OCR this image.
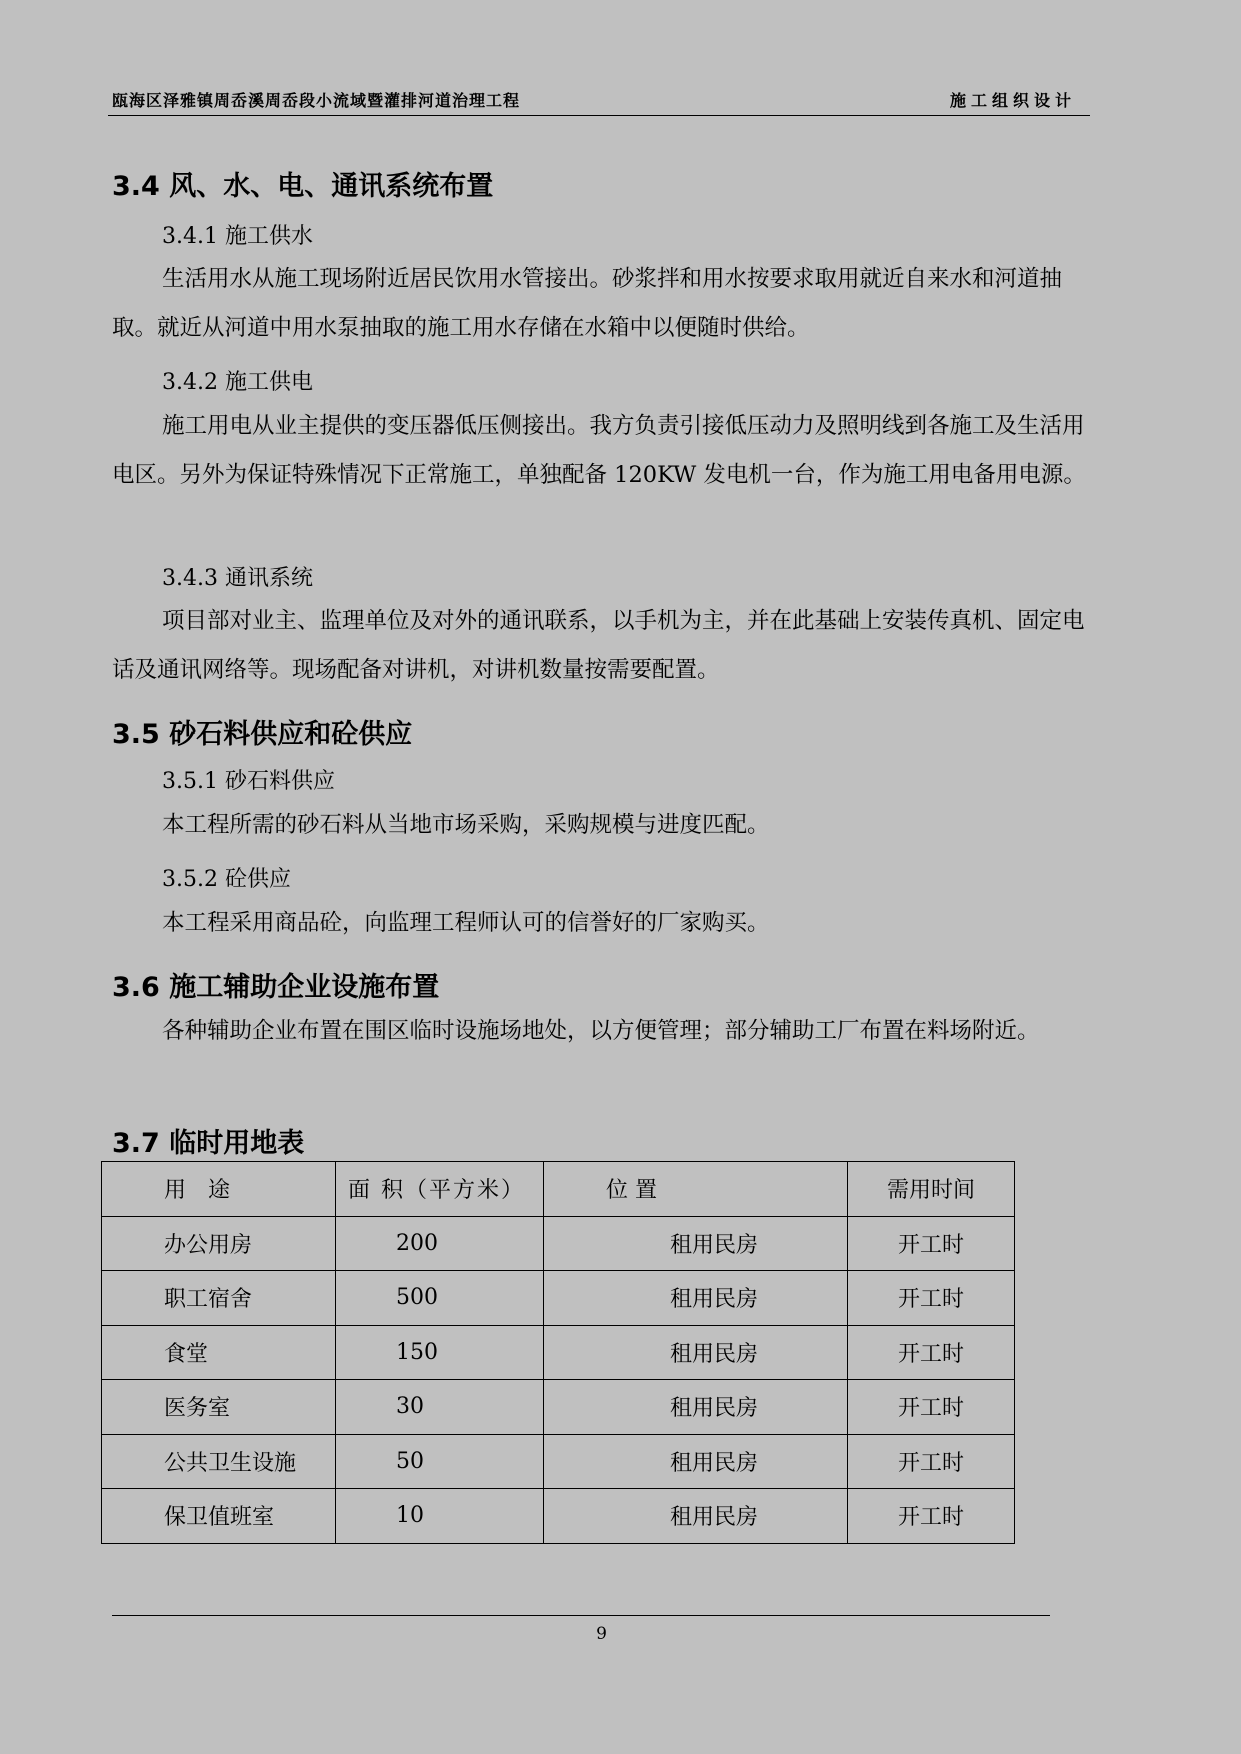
瓯海区泽雅镇周岙溪周岙段小流域暨灌排河道治理工程	施工组织设计
3.4 风、水、电、通讯系统布置
3.4.1 施工供水

生活用水从施工现场附近居民饮用水管接出。砂浆拌和用水按要求取用就近自来水和河道抽取。就近从河道中用水泵抽取的施工用水存储在水箱中以便随时供给。

3.4.2 施工供电

施工用电从业主提供的变压器低压侧接出。我方负责引接低压动力及照明线到各施工及生活用电区。另外为保证特殊情况下正常施工，单独配备 120KW 发电机一台，作为施工用电备用电源。

3.4.3 通讯系统

项目部对业主、监理单位及对外的通讯联系，以手机为主，并在此基础上安装传真机、固定电话及通讯网络等。现场配备对讲机，对讲机数量按需要配置。

3.5 砂石料供应和砼供应
3.5.1 砂石料供应

本工程所需的砂石料从当地市场采购，采购规模与进度匹配。

3.5.2 砼供应

本工程采用商品砼，向监理工程师认可的信誉好的厂家购买。

3.6 施工辅助企业设施布置

各种辅助企业布置在围区临时设施场地处，以方便管理；部分辅助工厂布置在料场附近。

3.7 临时用地表
用　途	面 积（平方米）	位 置	需用时间
办公用房	200	租用民房	开工时
职工宿舍	500	租用民房	开工时
食堂	150	租用民房	开工时
医务室	30	租用民房	开工时
公共卫生设施	50	租用民房	开工时
保卫值班室	10	租用民房	开工时
9
